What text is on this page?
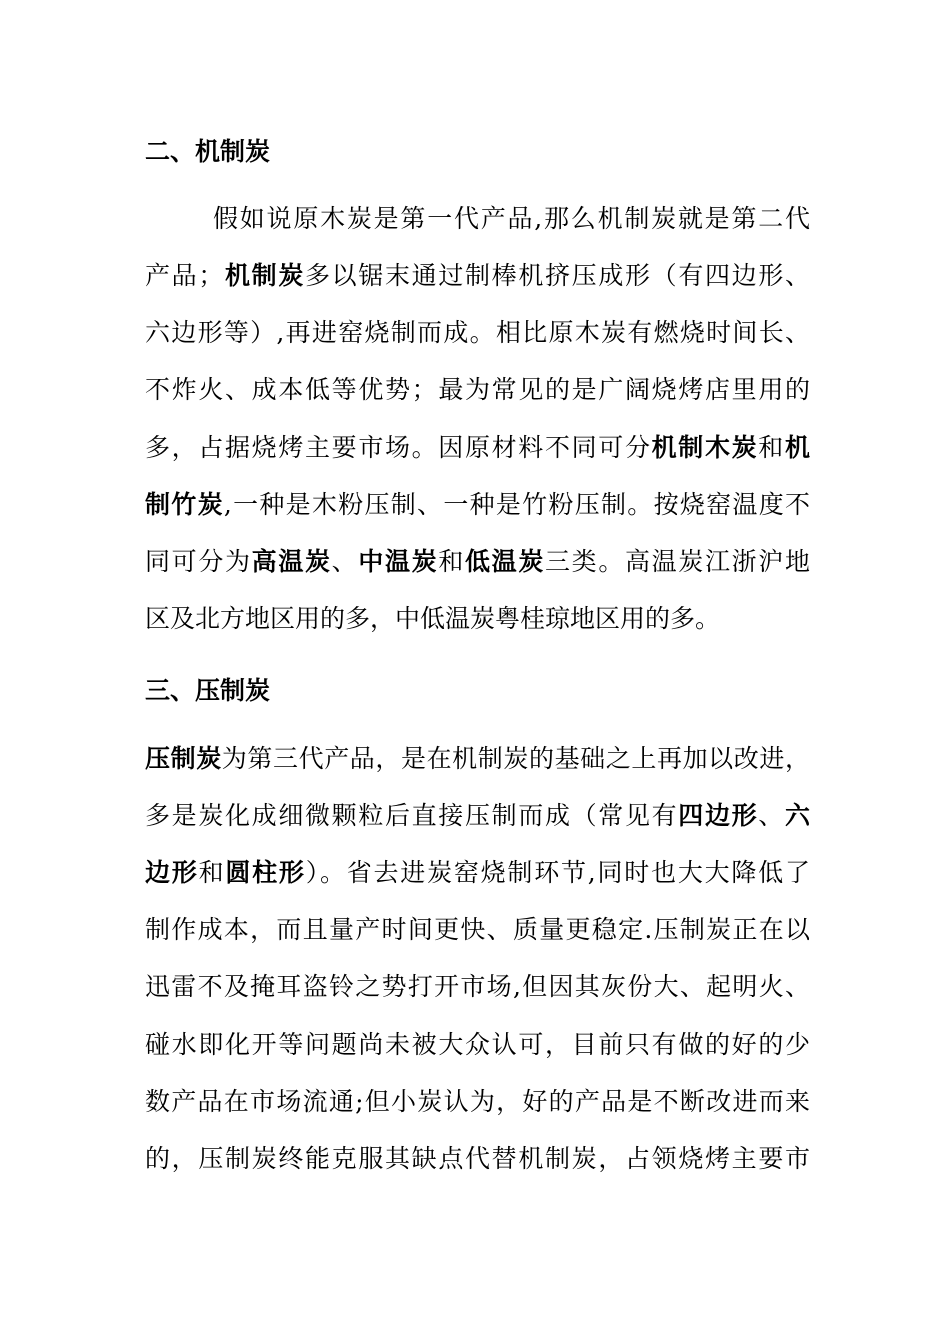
二、机制炭
假如说原木炭是第一代产品,那么机制炭就是第二代
产品；机制炭多以锯末通过制棒机挤压成形（有四边形、
六边形等）,再进窑烧制而成。相比原木炭有燃烧时间长、
不炸火、成本低等优势；最为常见的是广阔烧烤店里用的
多，占据烧烤主要市场。因原材料不同可分机制木炭和机
制竹炭,一种是木粉压制、一种是竹粉压制。按烧窑温度不
同可分为高温炭、中温炭和低温炭三类。高温炭江浙沪地
区及北方地区用的多，中低温炭粤桂琼地区用的多。
三、压制炭
压制炭为第三代产品，是在机制炭的基础之上再加以改进，
多是炭化成细微颗粒后直接压制而成（常见有四边形、六
边形和圆柱形）。省去进炭窑烧制环节,同时也大大降低了
制作成本，而且量产时间更快、质量更稳定.压制炭正在以
迅雷不及掩耳盗铃之势打开市场,但因其灰份大、起明火、
碰水即化开等问题尚未被大众认可，目前只有做的好的少
数产品在市场流通;但小炭认为，好的产品是不断改进而来
的，压制炭终能克服其缺点代替机制炭，占领烧烤主要市
